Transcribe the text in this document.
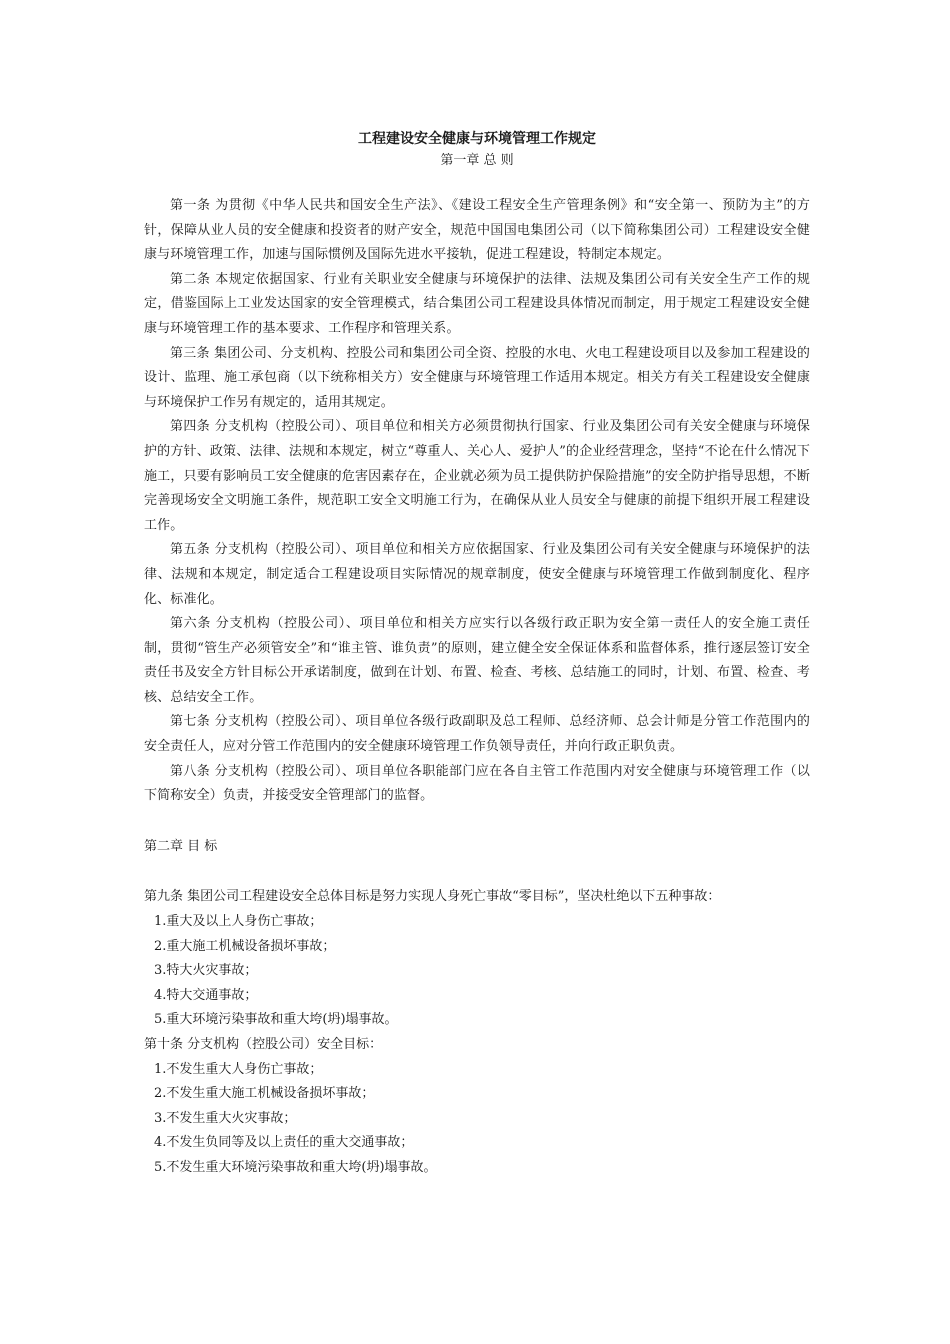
工程建设安全健康与环境管理工作规定

第一章 总 则

第一条 为贯彻《中华人民共和国安全生产法》、《建设工程安全生产管理条例》和“安全第一、预防为主”的方针，保障从业人员的安全健康和投资者的财产安全，规范中国国电集团公司（以下简称集团公司）工程建设安全健康与环境管理工作，加速与国际惯例及国际先进水平接轨，促进工程建设，特制定本规定。

第二条 本规定依据国家、行业有关职业安全健康与环境保护的法律、法规及集团公司有关安全生产工作的规定，借鉴国际上工业发达国家的安全管理模式，结合集团公司工程建设具体情况而制定，用于规定工程建设安全健康与环境管理工作的基本要求、工作程序和管理关系。

第三条 集团公司、分支机构、控股公司和集团公司全资、控股的水电、火电工程建设项目以及参加工程建设的设计、监理、施工承包商（以下统称相关方）安全健康与环境管理工作适用本规定。相关方有关工程建设安全健康与环境保护工作另有规定的，适用其规定。

第四条 分支机构（控股公司）、项目单位和相关方必须贯彻执行国家、行业及集团公司有关安全健康与环境保护的方针、政策、法律、法规和本规定，树立“尊重人、关心人、爱护人”的企业经营理念，坚持“不论在什么情况下施工，只要有影响员工安全健康的危害因素存在，企业就必须为员工提供防护保险措施”的安全防护指导思想，不断完善现场安全文明施工条件，规范职工安全文明施工行为，在确保从业人员安全与健康的前提下组织开展工程建设工作。

第五条 分支机构（控股公司）、项目单位和相关方应依据国家、行业及集团公司有关安全健康与环境保护的法律、法规和本规定，制定适合工程建设项目实际情况的规章制度，使安全健康与环境管理工作做到制度化、程序化、标准化。

第六条 分支机构（控股公司）、项目单位和相关方应实行以各级行政正职为安全第一责任人的安全施工责任制，贯彻“管生产必须管安全”和“谁主管、谁负责”的原则，建立健全安全保证体系和监督体系，推行逐层签订安全责任书及安全方针目标公开承诺制度，做到在计划、布置、检查、考核、总结施工的同时，计划、布置、检查、考核、总结安全工作。

第七条 分支机构（控股公司）、项目单位各级行政副职及总工程师、总经济师、总会计师是分管工作范围内的安全责任人，应对分管工作范围内的安全健康环境管理工作负领导责任，并向行政正职负责。

第八条 分支机构（控股公司）、项目单位各职能部门应在各自主管工作范围内对安全健康与环境管理工作（以下简称安全）负责，并接受安全管理部门的监督。

第二章 目 标

第九条 集团公司工程建设安全总体目标是努力实现人身死亡事故“零目标”，坚决杜绝以下五种事故：

1.重大及以上人身伤亡事故；

2.重大施工机械设备损坏事故；

3.特大火灾事故；

4.特大交通事故；

5.重大环境污染事故和重大垮(坍)塌事故。

第十条 分支机构（控股公司）安全目标：

1.不发生重大人身伤亡事故；

2.不发生重大施工机械设备损坏事故；

3.不发生重大火灾事故；

4.不发生负同等及以上责任的重大交通事故；

5.不发生重大环境污染事故和重大垮(坍)塌事故。
